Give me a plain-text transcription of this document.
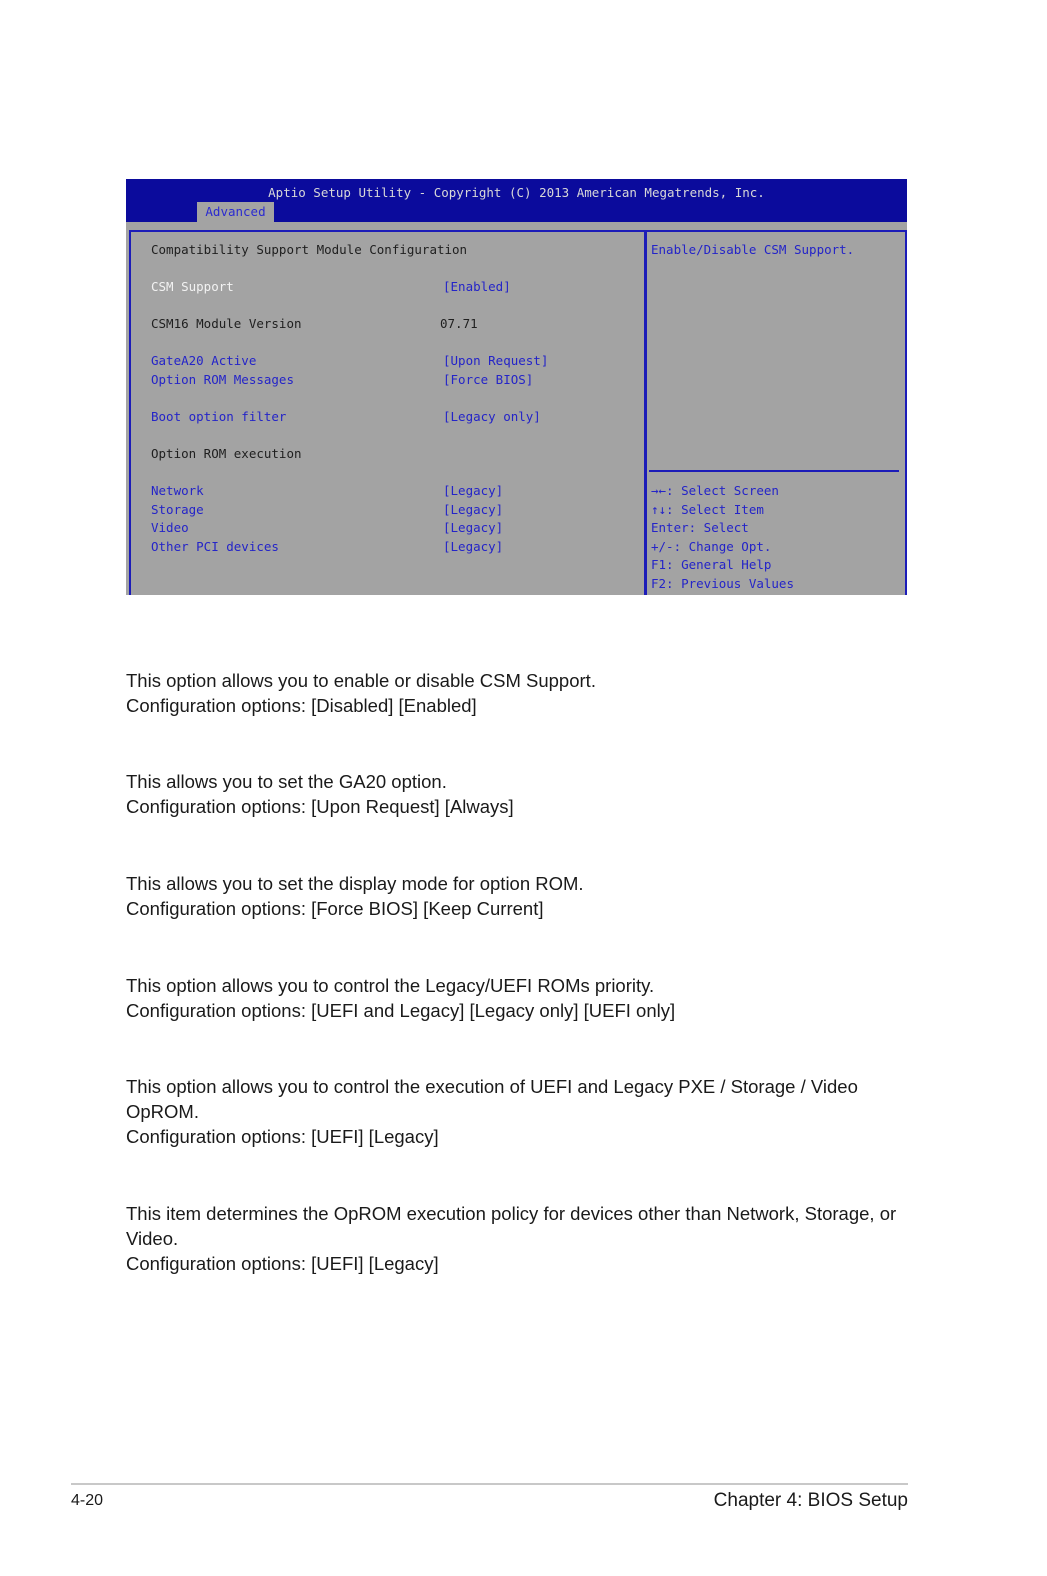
Aptio Setup Utility - Copyright (C) 2013 American Megatrends, Inc.
Advanced
Compatibility Support Module Configuration
CSM Support	[Enabled]
CSM16 Module Version	07.71
GateA20 Active	[Upon Request]
Option ROM Messages	[Force BIOS]
Boot option filter	[Legacy only]
Option ROM execution
Network	[Legacy]
Storage	[Legacy]
Video	[Legacy]
Other PCI devices	[Legacy]
Enable/Disable CSM Support.
→←: Select Screen
↑↓: Select Item
Enter: Select
+/-: Change Opt.
F1: General Help
F2: Previous Values

This option allows you to enable or disable CSM Support.

Configuration options: [Disabled] [Enabled]

This allows you to set the GA20 option.

Configuration options: [Upon Request] [Always]

This allows you to set the display mode for option ROM.

Configuration options: [Force BIOS] [Keep Current]

This option allows you to control the Legacy/UEFI ROMs priority.

Configuration options: [UEFI and Legacy] [Legacy only] [UEFI only]

This option allows you to control the execution of UEFI and Legacy PXE / Storage / Video OpROM.

Configuration options: [UEFI] [Legacy]

This item determines the OpROM execution policy for devices other than Network, Storage, or Video.

Configuration options: [UEFI] [Legacy]

4-20	Chapter 4: BIOS Setup
